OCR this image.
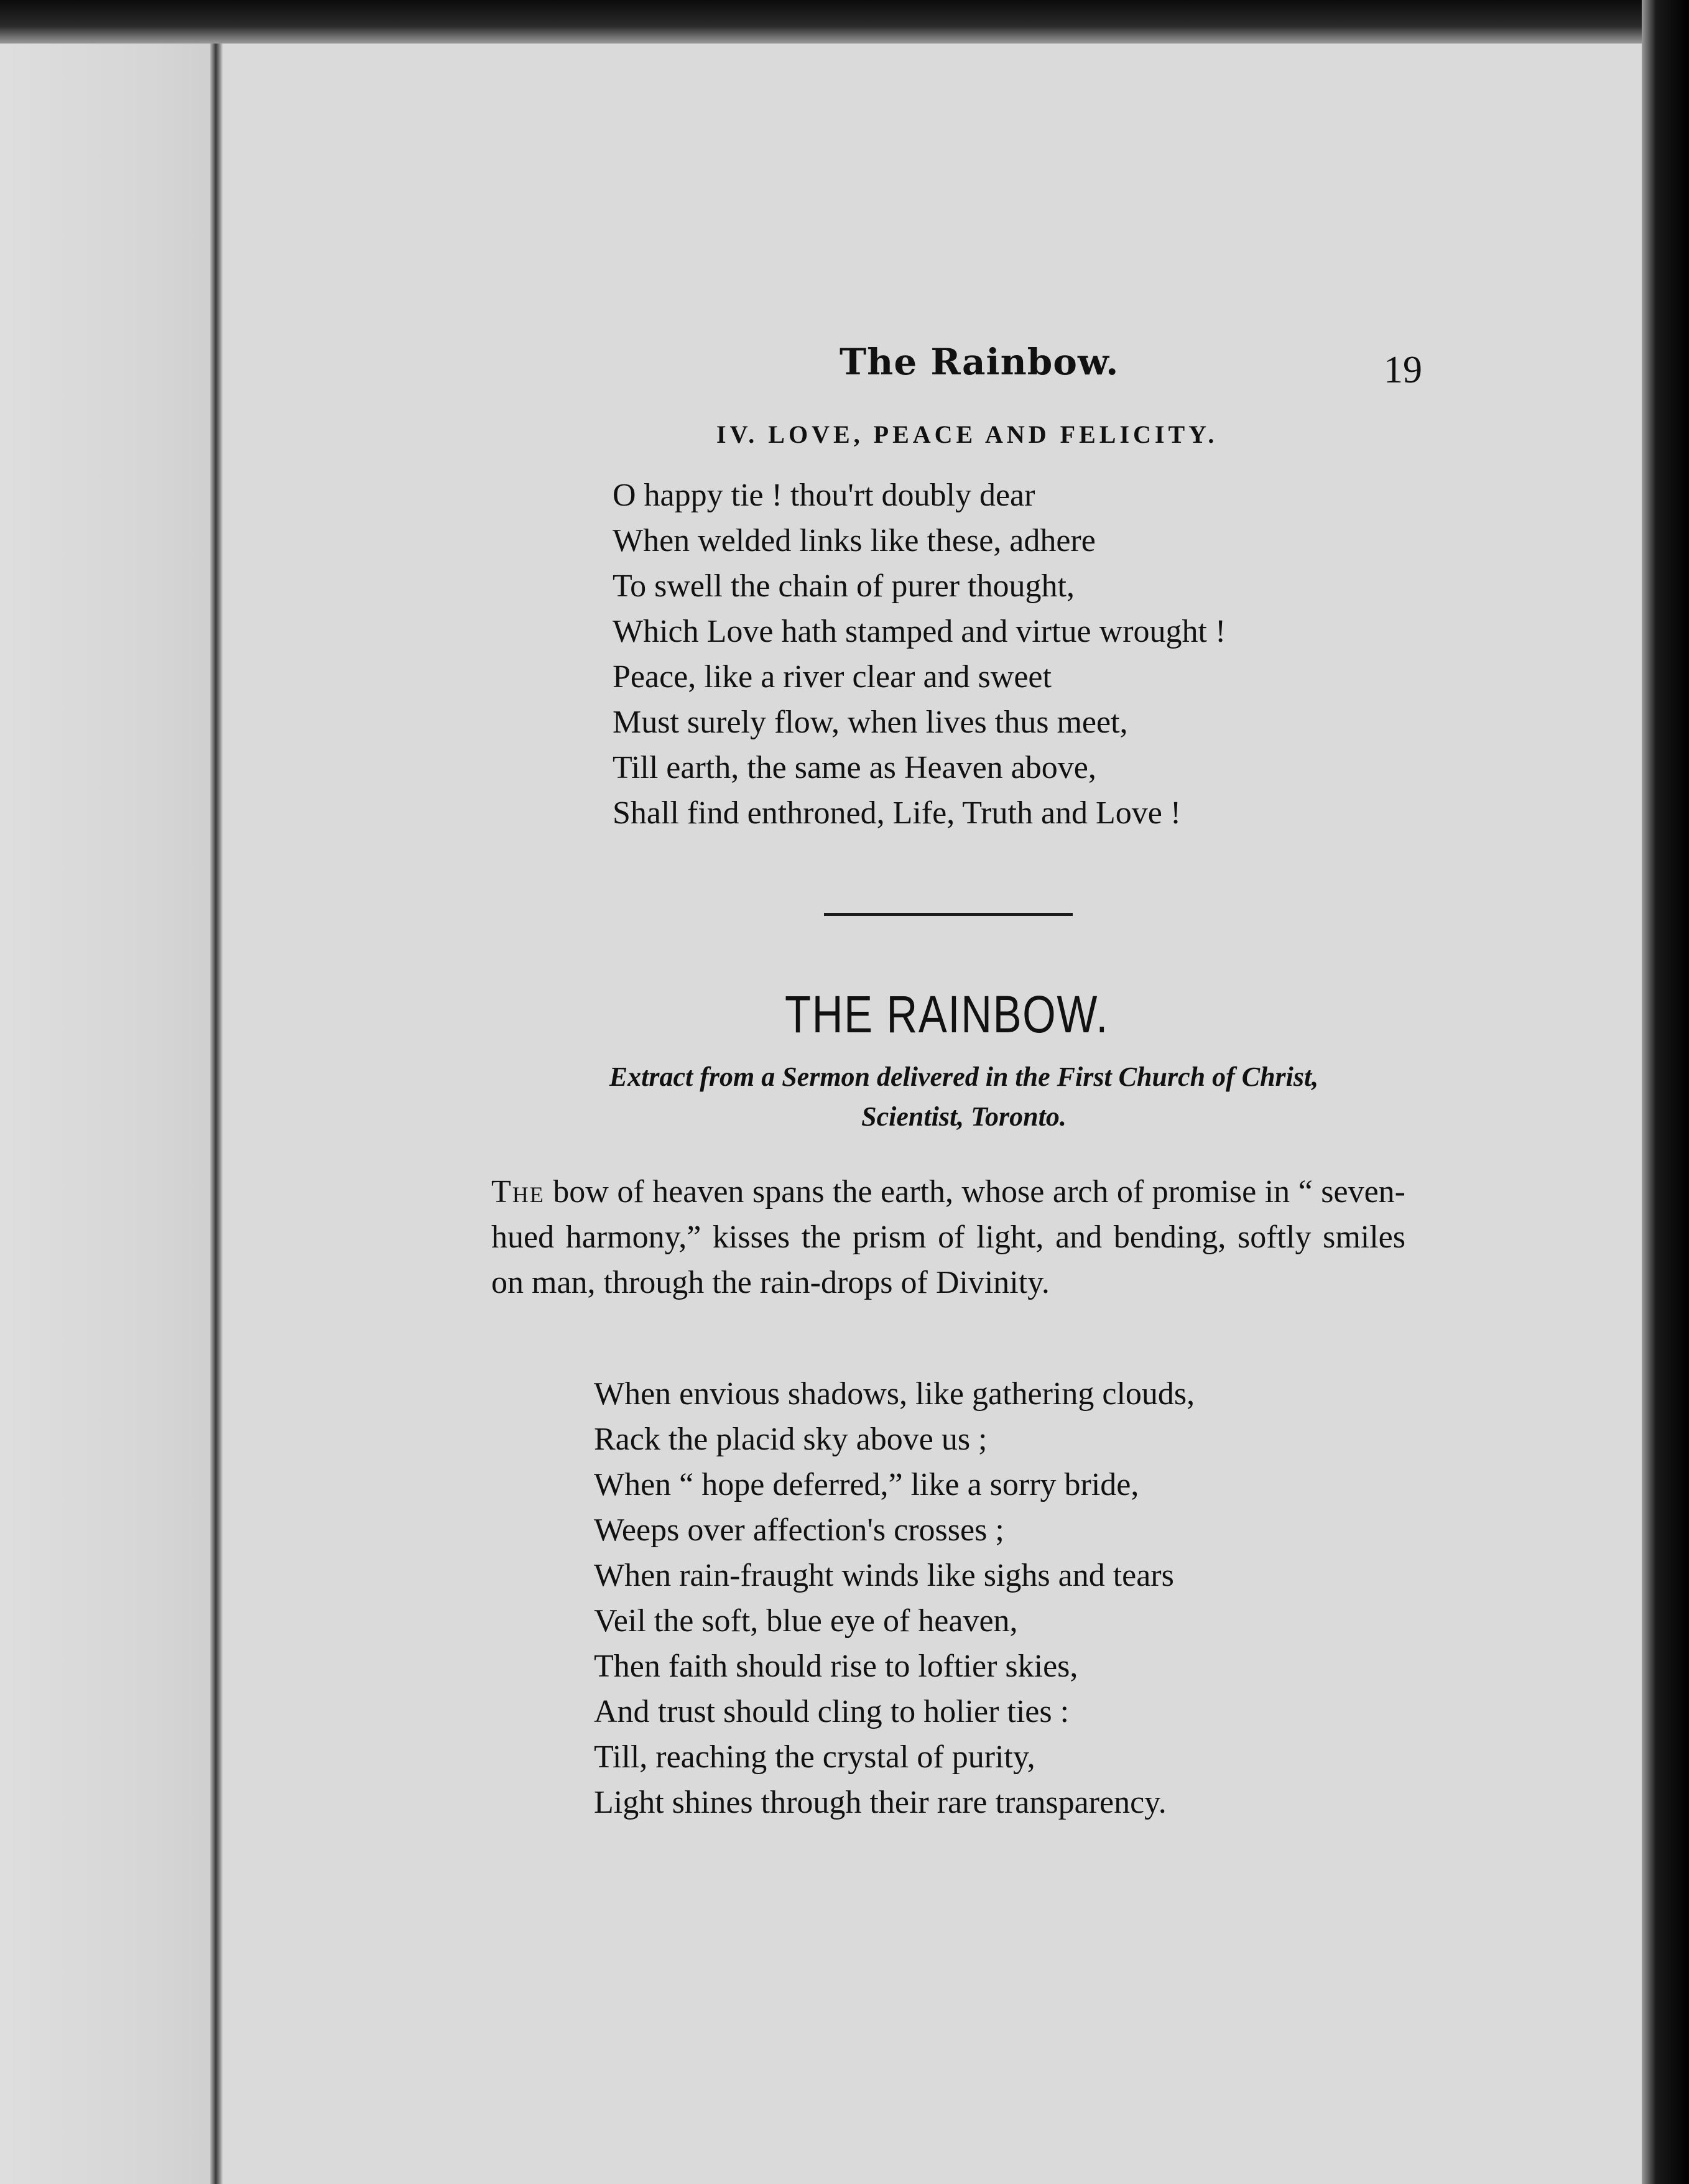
The Rainbow.	19
IV. LOVE, PEACE AND FELICITY.
O happy tie ! thou'rt doubly dear
When welded links like these, adhere
To swell the chain of purer thought,
Which Love hath stamped and virtue wrought !
Peace, like a river clear and sweet
Must surely flow, when lives thus meet,
Till earth, the same as Heaven above,
Shall find enthroned, Life, Truth and Love !
THE RAINBOW.
Extract from a Sermon delivered in the First Church of Christ,
Scientist, Toronto.

The bow of heaven spans the earth, whose arch of promise in “ seven-hued harmony,” kisses the prism of light, and bending, softly smiles on man, through the rain-drops of Divinity.

When envious shadows, like gathering clouds,
Rack the placid sky above us ;
When “ hope deferred,” like a sorry bride,
Weeps over affection's crosses ;
When rain-fraught winds like sighs and tears
Veil the soft, blue eye of heaven,
Then faith should rise to loftier skies,
And trust should cling to holier ties :
Till, reaching the crystal of purity,
Light shines through their rare transparency.
